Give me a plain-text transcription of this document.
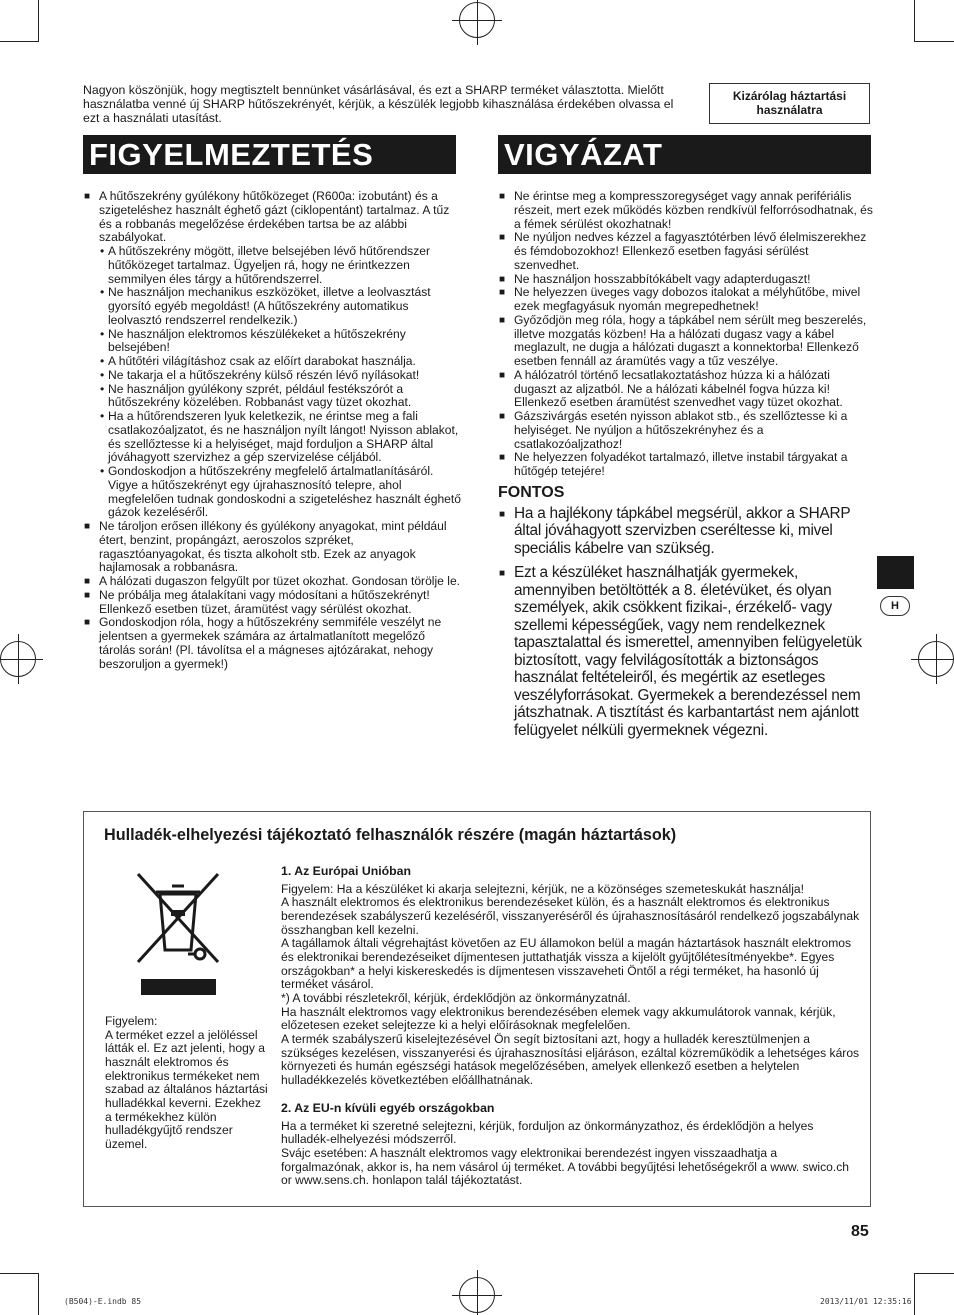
Nagyon köszönjük, hogy megtisztelt bennünket vásárlásával, és ezt a SHARP terméket választotta. Mielőtt használatba venné új SHARP hűtőszekrényét, kérjük, a készülék legjobb kihasználása érdekében olvassa el ezt a használati utasítást.

Kizárólag háztartási használatra
FIGYELMEZTETÉS	VIGYÁZAT
■ A hűtőszekrény gyúlékony hűtőközeget (R600a: izobutánt) és a szigeteléshez használt éghető gázt (ciklopentánt) tartalmaz. A tűz és a robbanás megelőzése érdekében tartsa be az alábbi szabályokat.
• A hűtőszekrény mögött, illetve belsejében lévő hűtőrendszer hűtőközeget tartalmaz. Ügyeljen rá, hogy ne érintkezzen semmilyen éles tárgy a hűtőrendszerrel.
• Ne használjon mechanikus eszközöket, illetve a leolvasztást gyorsító egyéb megoldást! (A hűtőszekrény automatikus leolvasztó rendszerrel rendelkezik.)
• Ne használjon elektromos készülékeket a hűtőszekrény belsejében!
• A hűtőtéri világításhoz csak az előírt darabokat használja.
• Ne takarja el a hűtőszekrény külső részén lévő nyílásokat!
• Ne használjon gyúlékony szprét, például festékszórót a hűtőszekrény közelében. Robbanást vagy tüzet okozhat.
• Ha a hűtőrendszeren lyuk keletkezik, ne érintse meg a fali csatlakozóaljzatot, és ne használjon nyílt lángot! Nyisson ablakot, és szellőztesse ki a helyiséget, majd forduljon a SHARP által jóváhagyott szervizhez a gép szervizelése céljából.
• Gondoskodjon a hűtőszekrény megfelelő ártalmatlanításáról. Vigye a hűtőszekrényt egy újrahasznosító telepre, ahol megfelelően tudnak gondoskodni a szigeteléshez használt éghető gázok kezeléséről.
■ Ne tároljon erősen illékony és gyúlékony anyagokat, mint például étert, benzint, propángázt, aeroszolos szpréket, ragasztóanyagokat, és tiszta alkoholt stb. Ezek az anyagok hajlamosak a robbanásra.
■ A hálózati dugaszon felgyűlt por tüzet okozhat. Gondosan törölje le.
■ Ne próbálja meg átalakítani vagy módosítani a hűtőszekrényt! Ellenkező esetben tüzet, áramütést vagy sérülést okozhat.
■ Gondoskodjon róla, hogy a hűtőszekrény semmiféle veszélyt ne jelentsen a gyermekek számára az ártalmatlanított megelőző tárolás során! (Pl. távolítsa el a mágneses ajtózárakat, nehogy beszoruljon a gyermek!)
■ Ne érintse meg a kompresszoregységet vagy annak perifériális részeit, mert ezek működés közben rendkívül felforrósodhatnak, és a fémek sérülést okozhatnak!
■ Ne nyúljon nedves kézzel a fagyasztótérben lévő élelmiszerekhez és fémdobozokhoz! Ellenkező esetben fagyási sérülést szenvedhet.
■ Ne használjon hosszabbítókábelt vagy adapterdugaszt!
■ Ne helyezzen üveges vagy dobozos italokat a mélyhűtőbe, mivel ezek megfagyásuk nyomán megrepedhetnek!
■ Győződjön meg róla, hogy a tápkábel nem sérült meg beszerelés, illetve mozgatás közben! Ha a hálózati dugasz vagy a kábel meglazult, ne dugja a hálózati dugaszt a konnektorba! Ellenkező esetben fennáll az áramütés vagy a tűz veszélye.
■ A hálózatról történő lecsatlakoztatáshoz húzza ki a hálózati dugaszt az aljzatból. Ne a hálózati kábelnél fogva húzza ki! Ellenkező esetben áramütést szenvedhet vagy tüzet okozhat.
■ Gázszivárgás esetén nyisson ablakot stb., és szellőztesse ki a helyiséget. Ne nyúljon a hűtőszekrényhez és a csatlakozóaljzathoz!
■ Ne helyezzen folyadékot tartalmazó, illetve instabil tárgyakat a hűtőgép tetejére!
FONTOS
■ Ha a hajlékony tápkábel megsérül, akkor a SHARP által jóváhagyott szervizben cseréltesse ki, mivel speciális kábelre van szükség.
■ Ezt a készüléket használhatják gyermekek, amennyiben betöltötték a 8. életévüket, és olyan személyek, akik csökkent fizikai-, érzékelő- vagy szellemi képességűek, vagy nem rendelkeznek tapasztalattal és ismerettel, amennyiben felügyeletük biztosított, vagy felvilágosították a biztonságos használat feltételeiről, és megértik az esetleges veszélyforrásokat. Gyermekek a berendezéssel nem játszhatnak. A tisztítást és karbantartást nem ajánlott felügyelet nélküli gyermeknek végezni.
H
Hulladék-elhelyezési tájékoztató felhasználók részére (magán háztartások)
Figyelem:
A terméket ezzel a jelöléssel látták el. Ez azt jelenti, hogy a használt elektromos és elektronikus termékeket nem szabad az általános háztartási hulladékkal keverni. Ezekhez a termékekhez külön hulladékgyűjtő rendszer üzemel.
1. Az Európai Unióban
Figyelem: Ha a készüléket ki akarja selejtezni, kérjük, ne a közönséges szemeteskukát használja!
A használt elektromos és elektronikus berendezéseket külön, és a használt elektromos és elektronikus berendezések szabályszerű kezeléséről, visszanyeréséről és újrahasznosításáról rendelkező jogszabálynak összhangban kell kezelni.
A tagállamok általi végrehajtást követően az EU államokon belül a magán háztartások használt elektromos és elektronikai berendezéseiket díjmentesen juttathatják vissza a kijelölt gyűjtőlétesítményekbe*. Egyes országokban* a helyi kiskereskedés is díjmentesen visszaveheti Öntől a régi terméket, ha hasonló új terméket vásárol.
*) A további részletekről, kérjük, érdeklődjön az önkormányzatnál.
Ha használt elektromos vagy elektronikus berendezésében elemek vagy akkumulátorok vannak, kérjük, előzetesen ezeket selejtezze ki a helyi előírásoknak megfelelően.
A termék szabályszerű kiselejtezésével Ön segít biztosítani azt, hogy a hulladék keresztülmenjen a szükséges kezelésen, visszanyerési és újrahasznosítási eljáráson, ezáltal közreműködik a lehetséges káros környezeti és humán egészségi hatások megelőzésében, amelyek ellenkező esetben a helytelen hulladékkezelés következtében előállhatnának.
2. Az EU-n kívüli egyéb országokban
Ha a terméket ki szeretné selejtezni, kérjük, forduljon az önkormányzathoz, és érdeklődjön a helyes hulladék-elhelyezési módszerről.
Svájc esetében: A használt elektromos vagy elektronikai berendezést ingyen visszaadhatja a forgalmazónak, akkor is, ha nem vásárol új terméket. A további begyűjtési lehetőségekről a www. swico.ch or www.sens.ch. honlapon talál tájékoztatást.
85
(B504)-E.indb 85	2013/11/01 12:35:16
